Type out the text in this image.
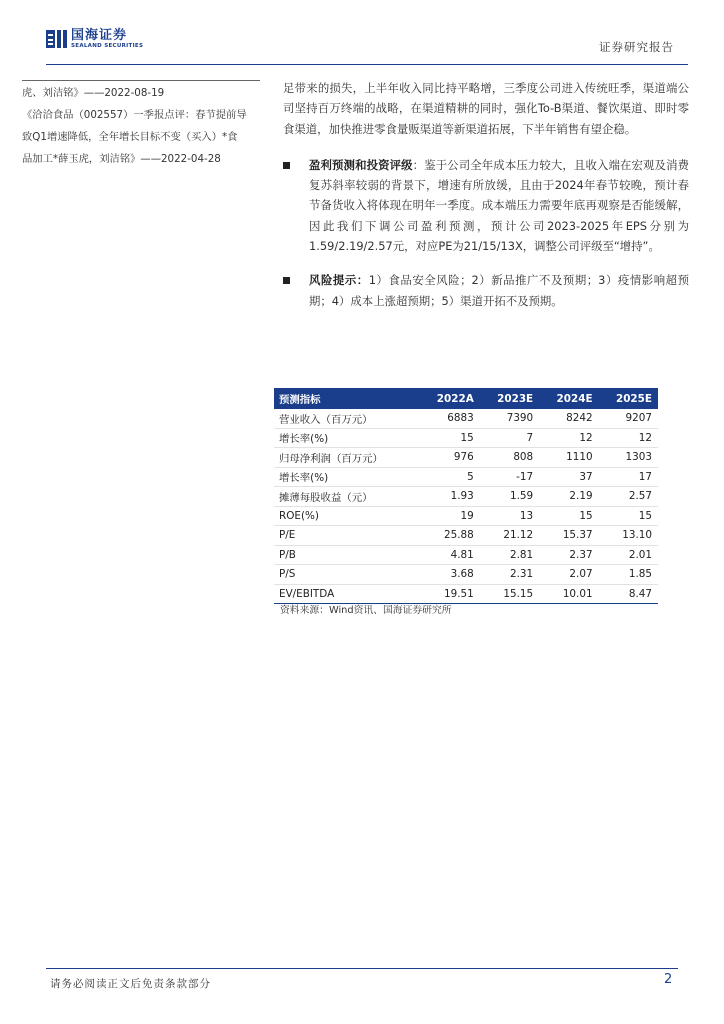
国海证券
SEALAND SECURITIES	证券研究报告
虎、刘洁铭》——2022-08-19
《洽洽食品（002557）一季报点评：春节提前导
致Q1增速降低，全年增长目标不变（买入）*食
品加工*薛玉虎，刘洁铭》——2022-04-28

足带来的损失，上半年收入同比持平略增，三季度公司进入传统旺季，渠道端公司坚持百万终端的战略，在渠道精耕的同时，强化To-B渠道、餐饮渠道、即时零食渠道，加快推进零食量贩渠道等新渠道拓展，下半年销售有望企稳。

盈利预测和投资评级：鉴于公司全年成本压力较大，且收入端在宏观及消费复苏斜率较弱的背景下，增速有所放缓，且由于2024年春节较晚，预计春节备货收入将体现在明年一季度。成本端压力需要年底再观察是否能缓解，因此我们下调公司盈利预测，预计公司2023-2025年EPS分别为1.59/2.19/2.57元，对应PE为21/15/13X，调整公司评级至“增持”。

风险提示：1）食品安全风险；2）新品推广不及预期；3）疫情影响超预期；4）成本上涨超预期；5）渠道开拓不及预期。

预测指标	2022A	2023E	2024E	2025E
营业收入（百万元）	6883	7390	8242	9207
增长率(%)	15	7	12	12
归母净利润（百万元）	976	808	1110	1303
增长率(%)	5	-17	37	17
摊薄每股收益（元）	1.93	1.59	2.19	2.57
ROE(%)	19	13	15	15
P/E	25.88	21.12	15.37	13.10
P/B	4.81	2.81	2.37	2.01
P/S	3.68	2.31	2.07	1.85
EV/EBITDA	19.51	15.15	10.01	8.47
资料来源：Wind资讯、国海证券研究所
请务必阅读正文后免责条款部分	2
